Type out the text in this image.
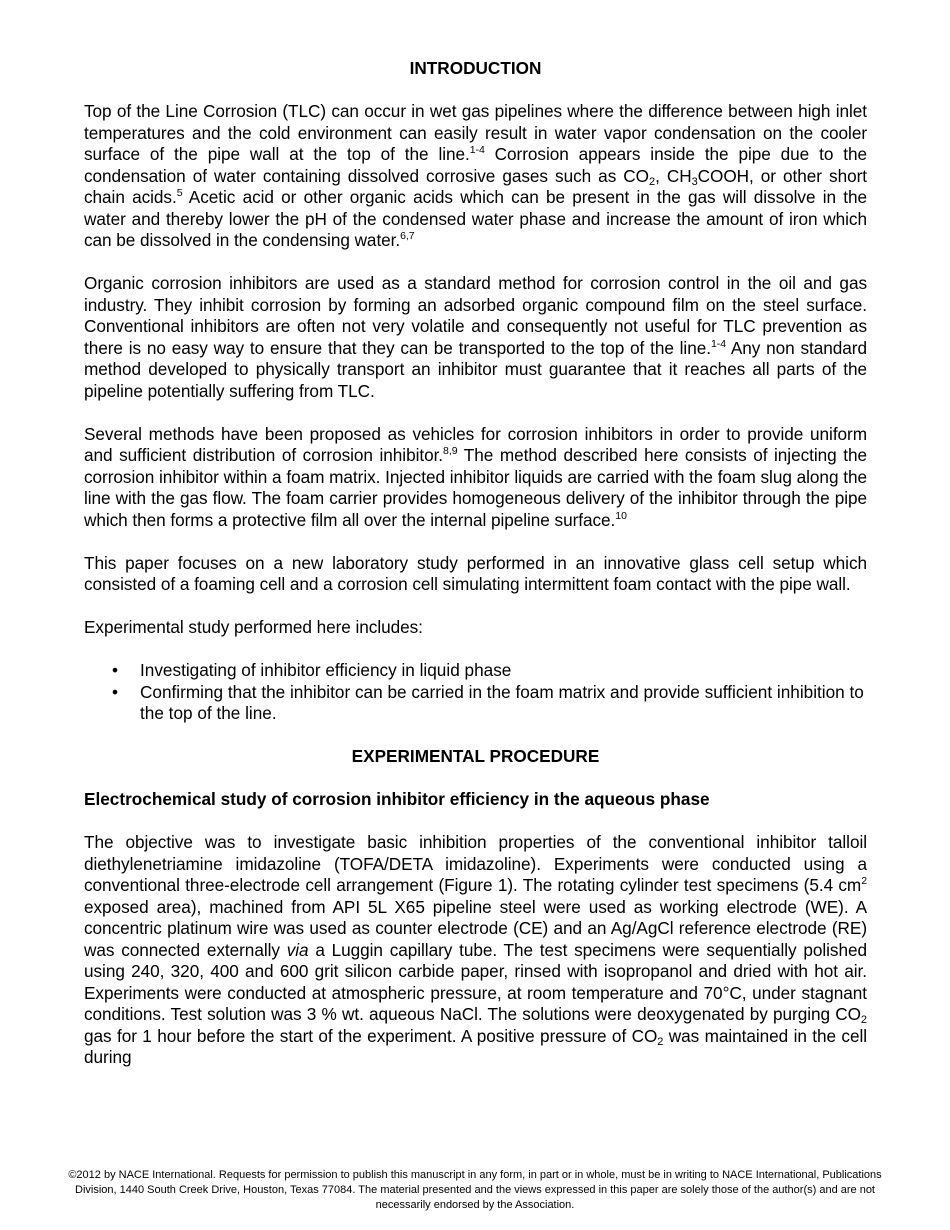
INTRODUCTION

Top of the Line Corrosion (TLC) can occur in wet gas pipelines where the difference between high inlet temperatures and the cold environment can easily result in water vapor condensation on the cooler surface of the pipe wall at the top of the line.$^{1-4}$ Corrosion appears inside the pipe due to the condensation of water containing dissolved corrosive gases such as $CO_2$, $CH_3COOH$, or other short chain acids.$^5$ Acetic acid or other organic acids which can be present in the gas will dissolve in the water and thereby lower the pH of the condensed water phase and increase the amount of iron which can be dissolved in the condensing water.$^{6,7}$

Organic corrosion inhibitors are used as a standard method for corrosion control in the oil and gas industry. They inhibit corrosion by forming an adsorbed organic compound film on the steel surface. Conventional inhibitors are often not very volatile and consequently not useful for TLC prevention as there is no easy way to ensure that they can be transported to the top of the line.$^{1-4}$ Any non standard method developed to physically transport an inhibitor must guarantee that it reaches all parts of the pipeline potentially suffering from TLC.

Several methods have been proposed as vehicles for corrosion inhibitors in order to provide uniform and sufficient distribution of corrosion inhibitor.$^{8,9}$ The method described here consists of injecting the corrosion inhibitor within a foam matrix. Injected inhibitor liquids are carried with the foam slug along the line with the gas flow. The foam carrier provides homogeneous delivery of the inhibitor through the pipe which then forms a protective film all over the internal pipeline surface.$^{10}$

This paper focuses on a new laboratory study performed in an innovative glass cell setup which consisted of a foaming cell and a corrosion cell simulating intermittent foam contact with the pipe wall.

Experimental study performed here includes:

• Investigating of inhibitor efficiency in liquid phase
• Confirming that the inhibitor can be carried in the foam matrix and provide sufficient inhibition to the top of the line.
EXPERIMENTAL PROCEDURE
Electrochemical study of corrosion inhibitor efficiency in the aqueous phase

The objective was to investigate basic inhibition properties of the conventional inhibitor talloil diethylenetriamine imidazoline (TOFA/DETA imidazoline). Experiments were conducted using a conventional three-electrode cell arrangement (Figure 1). The rotating cylinder test specimens (5.4 $cm^2$ exposed area), machined from API 5L X65 pipeline steel were used as working electrode (WE). A concentric platinum wire was used as counter electrode (CE) and an Ag/AgCl reference electrode (RE) was connected externally via a Luggin capillary tube. The test specimens were sequentially polished using 240, 320, 400 and 600 grit silicon carbide paper, rinsed with isopropanol and dried with hot air. Experiments were conducted at atmospheric pressure, at room temperature and 70°C, under stagnant conditions. Test solution was 3 % wt. aqueous NaCl. The solutions were deoxygenated by purging $CO_2$ gas for 1 hour before the start of the experiment. A positive pressure of $CO_2$ was maintained in the cell during

©2012 by NACE International. Requests for permission to publish this manuscript in any form, in part or in whole, must be in writing to NACE International, Publications Division, 1440 South Creek Drive, Houston, Texas 77084. The material presented and the views expressed in this paper are solely those of the author(s) and are not necessarily endorsed by the Association.
